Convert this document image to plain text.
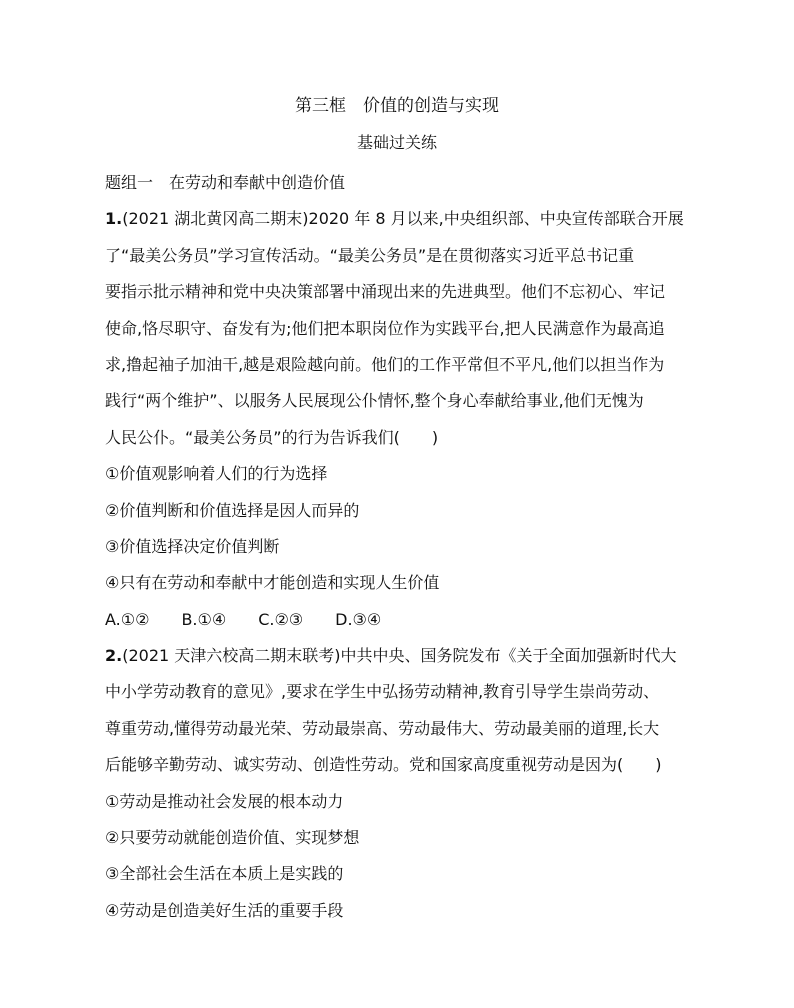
第三框　价值的创造与实现
基础过关练
题组一　在劳动和奉献中创造价值
1.(2021 湖北黄冈高二期末)2020 年 8 月以来,中央组织部、中央宣传部联合开展
了“最美公务员”学习宣传活动。“最美公务员”是在贯彻落实习近平总书记重
要指示批示精神和党中央决策部署中涌现出来的先进典型。他们不忘初心、牢记
使命,恪尽职守、奋发有为;他们把本职岗位作为实践平台,把人民满意作为最高追
求,撸起袖子加油干,越是艰险越向前。他们的工作平常但不平凡,他们以担当作为
践行“两个维护”、以服务人民展现公仆情怀,整个身心奉献给事业,他们无愧为
人民公仆。“最美公务员”的行为告诉我们(　　)
①价值观影响着人们的行为选择
②价值判断和价值选择是因人而异的
③价值选择决定价值判断
④只有在劳动和奉献中才能创造和实现人生价值
A.①②　　B.①④　　C.②③　　D.③④
2.(2021 天津六校高二期末联考)中共中央、国务院发布《关于全面加强新时代大
中小学劳动教育的意见》,要求在学生中弘扬劳动精神,教育引导学生崇尚劳动、
尊重劳动,懂得劳动最光荣、劳动最崇高、劳动最伟大、劳动最美丽的道理,长大
后能够辛勤劳动、诚实劳动、创造性劳动。党和国家高度重视劳动是因为(　　)
①劳动是推动社会发展的根本动力
②只要劳动就能创造价值、实现梦想
③全部社会生活在本质上是实践的
④劳动是创造美好生活的重要手段
